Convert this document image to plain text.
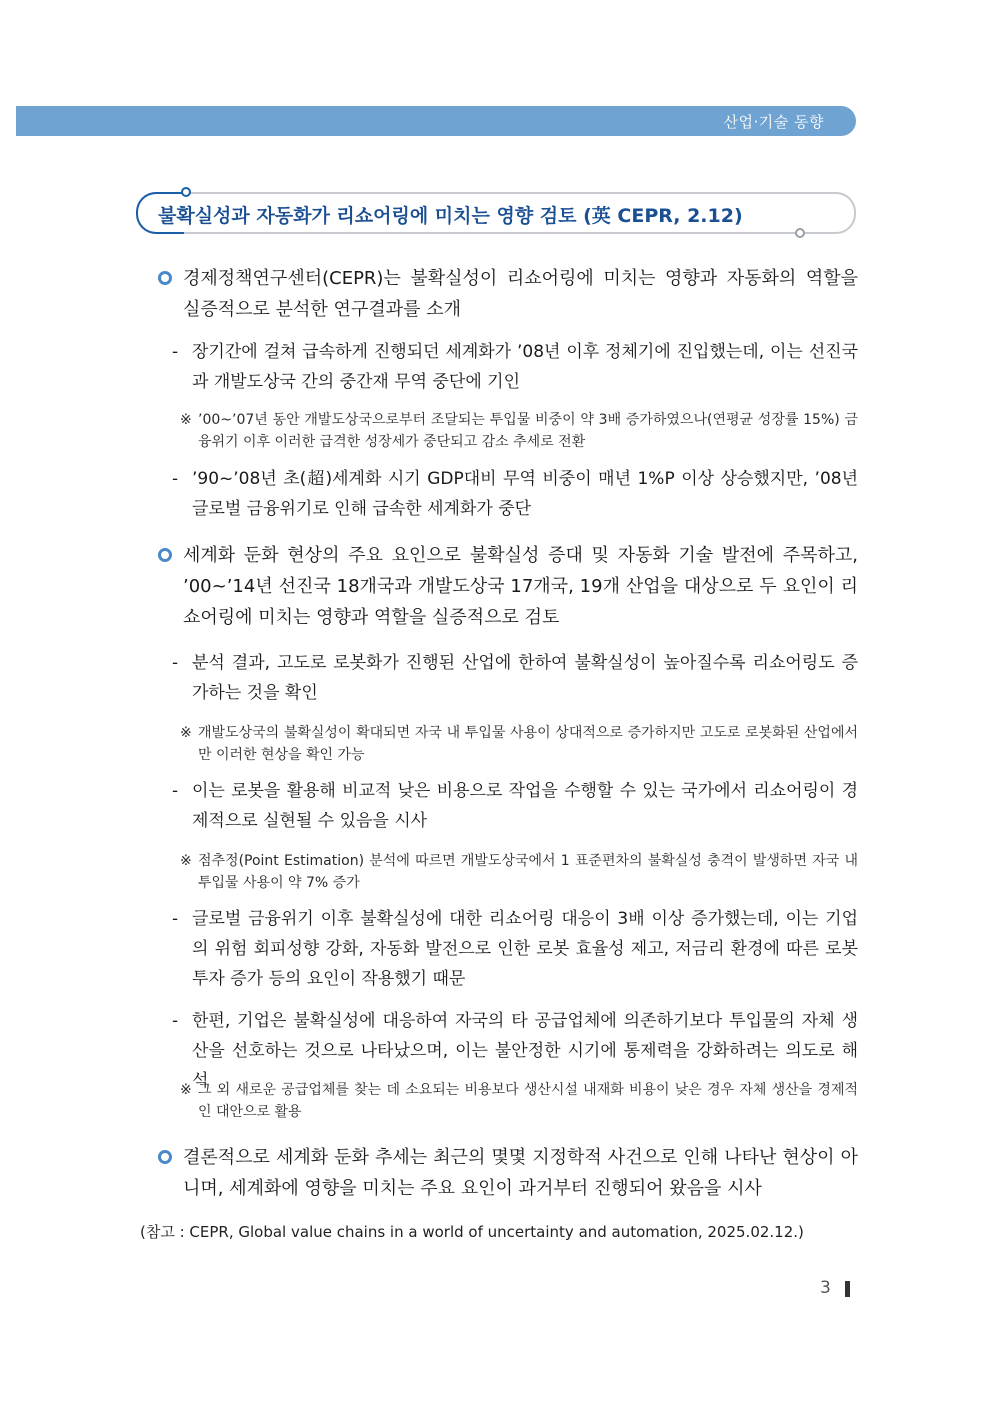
산업·기술 동향
불확실성과 자동화가 리쇼어링에 미치는 영향 검토 (英 CEPR, 2.12)
경제정책연구센터(CEPR)는 불확실성이 리쇼어링에 미치는 영향과 자동화의 역할을 실증적으로 분석한 연구결과를 소개
- 장기간에 걸쳐 급속하게 진행되던 세계화가 ’08년 이후 정체기에 진입했는데, 이는 선진국과 개발도상국 간의 중간재 무역 중단에 기인
※ ’00~’07년 동안 개발도상국으로부터 조달되는 투입물 비중이 약 3배 증가하였으나(연평균 성장률 15%) 금융위기 이후 이러한 급격한 성장세가 중단되고 감소 추세로 전환
- ’90~’08년 초(超)세계화 시기 GDP대비 무역 비중이 매년 1%P 이상 상승했지만, ’08년 글로벌 금융위기로 인해 급속한 세계화가 중단
세계화 둔화 현상의 주요 요인으로 불확실성 증대 및 자동화 기술 발전에 주목하고, ’00~’14년 선진국 18개국과 개발도상국 17개국, 19개 산업을 대상으로 두 요인이 리쇼어링에 미치는 영향과 역할을 실증적으로 검토
- 분석 결과, 고도로 로봇화가 진행된 산업에 한하여 불확실성이 높아질수록 리쇼어링도 증가하는 것을 확인
※ 개발도상국의 불확실성이 확대되면 자국 내 투입물 사용이 상대적으로 증가하지만 고도로 로봇화된 산업에서만 이러한 현상을 확인 가능
- 이는 로봇을 활용해 비교적 낮은 비용으로 작업을 수행할 수 있는 국가에서 리쇼어링이 경제적으로 실현될 수 있음을 시사
※ 점추정(Point Estimation) 분석에 따르면 개발도상국에서 1 표준편차의 불확실성 충격이 발생하면 자국 내 투입물 사용이 약 7% 증가
- 글로벌 금융위기 이후 불확실성에 대한 리쇼어링 대응이 3배 이상 증가했는데, 이는 기업의 위험 회피성향 강화, 자동화 발전으로 인한 로봇 효율성 제고, 저금리 환경에 따른 로봇 투자 증가 등의 요인이 작용했기 때문
- 한편, 기업은 불확실성에 대응하여 자국의 타 공급업체에 의존하기보다 투입물의 자체 생산을 선호하는 것으로 나타났으며, 이는 불안정한 시기에 통제력을 강화하려는 의도로 해석
※ 그 외 새로운 공급업체를 찾는 데 소요되는 비용보다 생산시설 내재화 비용이 낮은 경우 자체 생산을 경제적인 대안으로 활용
결론적으로 세계화 둔화 추세는 최근의 몇몇 지정학적 사건으로 인해 나타난 현상이 아니며, 세계화에 영향을 미치는 주요 요인이 과거부터 진행되어 왔음을 시사
(참고 : CEPR, Global value chains in a world of uncertainty and automation, 2025.02.12.)
3
